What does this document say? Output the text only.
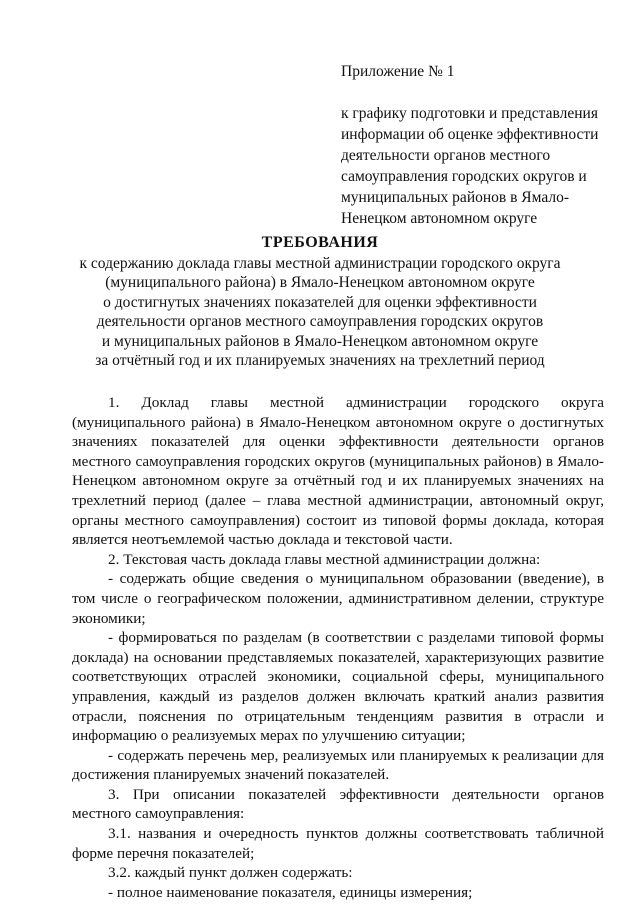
Приложение № 1

к графику подготовки и представления
информации об оценке эффективности
деятельности органов местного
самоуправления городских округов и
муниципальных районов в Ямало-
Ненецком автономном округе

ТРЕБОВАНИЯ
к содержанию доклада главы местной администрации городского округа
(муниципального района) в Ямало-Ненецком автономном округе
о достигнутых значениях показателей для оценки эффективности
деятельности органов местного самоуправления городских округов
и муниципальных районов в Ямало-Ненецком автономном округе
за отчётный год и их планируемых значениях на трехлетний период

1. Доклад главы местной администрации городского округа (муниципального района) в Ямало-Ненецком автономном округе о достигнутых значениях показателей для оценки эффективности деятельности органов местного самоуправления городских округов (муниципальных районов) в Ямало-Ненецком автономном округе за отчётный год и их планируемых значениях на трехлетний период (далее – глава местной администрации, автономный округ, органы местного самоуправления) состоит из типовой формы доклада, которая является неотъемлемой частью доклада и текстовой части.

2. Текстовая часть доклада главы местной администрации должна:

- содержать общие сведения о муниципальном образовании (введение), в том числе о географическом положении, административном делении, структуре экономики;

- формироваться по разделам (в соответствии с разделами типовой формы доклада) на основании представляемых показателей, характеризующих развитие соответствующих отраслей экономики, социальной сферы, муниципального управления, каждый из разделов должен включать краткий анализ развития отрасли, пояснения по отрицательным тенденциям развития в отрасли и информацию о реализуемых мерах по улучшению ситуации;

- содержать перечень мер, реализуемых или планируемых к реализации для достижения планируемых значений показателей.

3. При описании показателей эффективности деятельности органов местного самоуправления:

3.1. названия и очередность пунктов должны соответствовать табличной форме перечня показателей;

3.2. каждый пункт должен содержать:

- полное наименование показателя, единицы измерения;
